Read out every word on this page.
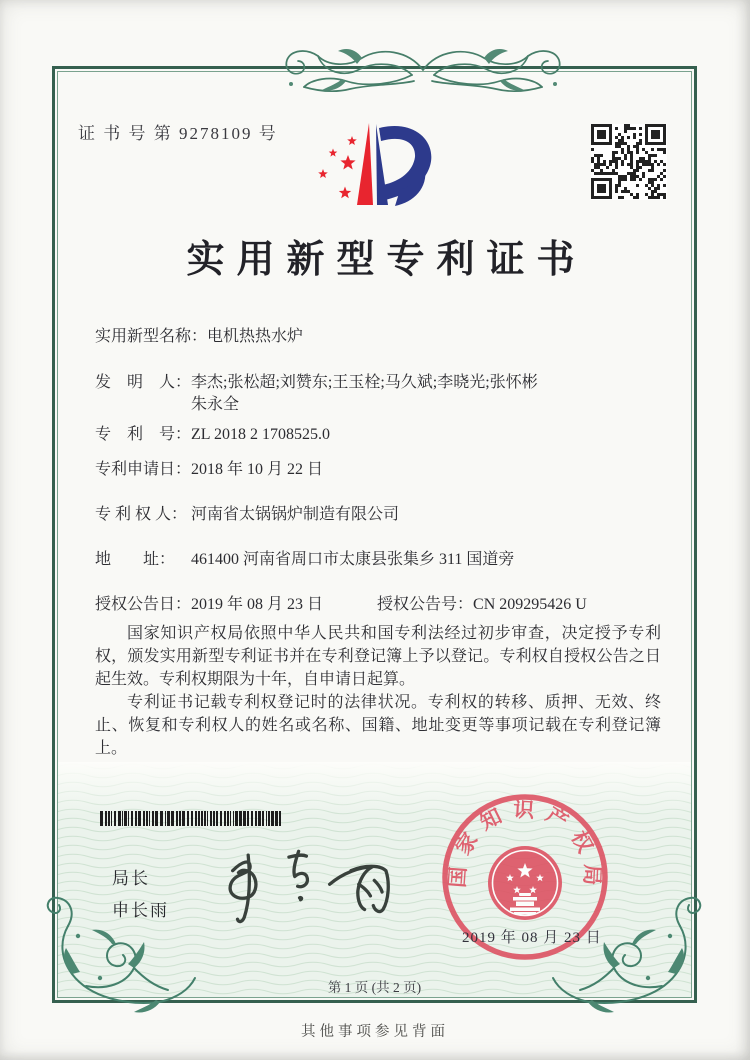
证 书 号 第 9278109 号
实用新型专利证书
实用新型名称：电机热热水炉
发　明　人：李杰;张松超;刘赞东;王玉栓;马久斌;李晓光;张怀彬
朱永全
专　利　号：ZL 2018 2 1708525.0
专利申请日：2018 年 10 月 22 日
专 利 权 人： 河南省太锅锅炉制造有限公司
地　　址： 461400 河南省周口市太康县张集乡 311 国道旁
授权公告日：2019 年 08 月 23 日	授权公告号：CN 209295426 U

国家知识产权局依照中华人民共和国专利法经过初步审查，决定授予专利权，颁发实用新型专利证书并在专利登记簿上予以登记。专利权自授权公告之日起生效。专利权期限为十年，自申请日起算。

专利证书记载专利权登记时的法律状况。专利权的转移、质押、无效、终止、恢复和专利权人的姓名或名称、国籍、地址变更等事项记载在专利登记簿上。

局长
申长雨
国家知识产权局
2019 年 08 月 23 日
第 1 页 (共 2 页)
其他事项参见背面
